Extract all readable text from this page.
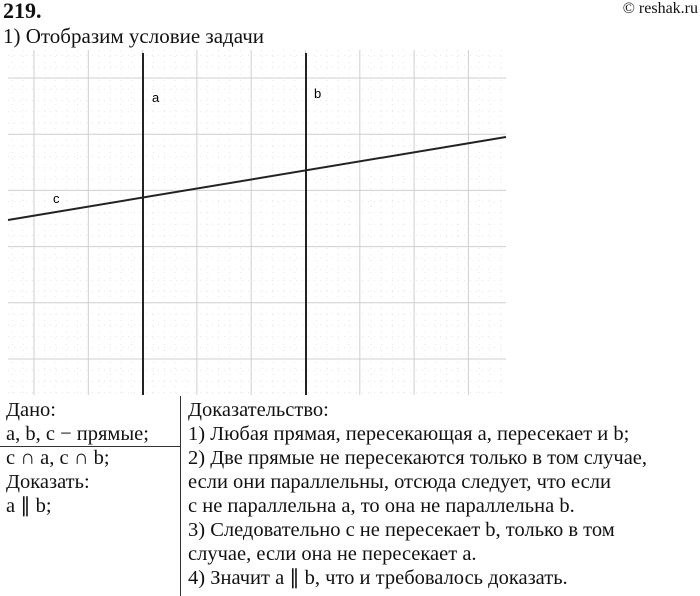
219.	© reshak.ru
1) Отобразим условие задачи
a	b
c
Дано:
a, b, c − прямые;
c ∩ a, c ∩ b;
Доказать:
a ∥ b;
Доказательство:
1) Любая прямая, пересекающая a, пересекает и b;
2) Две прямые не пересекаются только в том случае,
если они параллельны, отсюда следует, что если
c не параллельна a, то она не параллельна b.
3) Следовательно c не пересекает b, только в том
случае, если она не пересекает a.
4) Значит a ∥ b, что и требовалось доказать.
